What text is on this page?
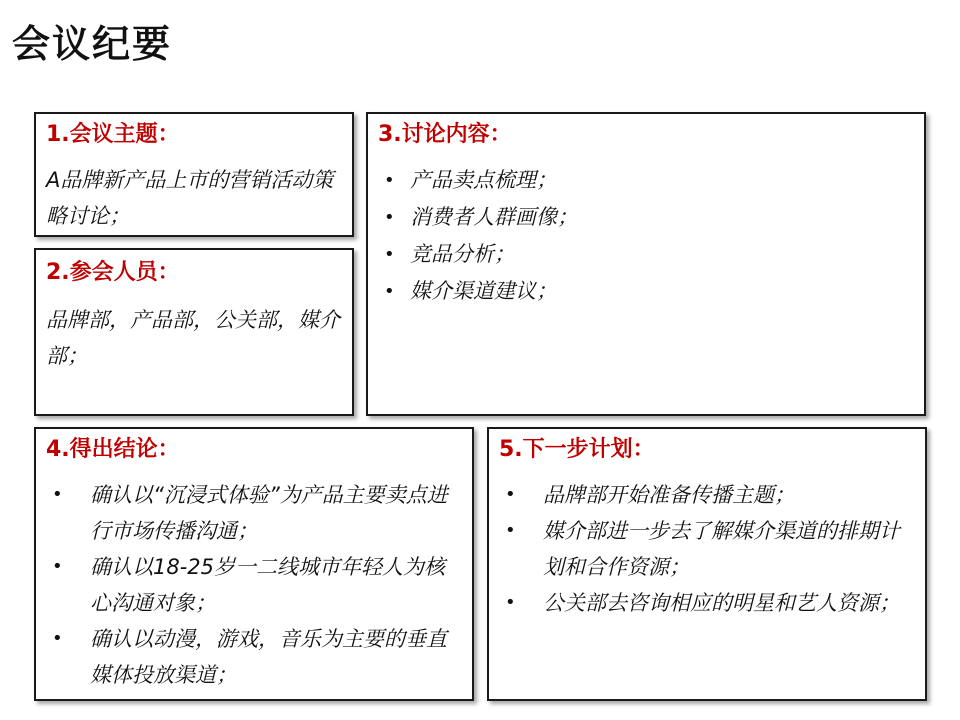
会议纪要

1.会议主题：

A品牌新产品上市的营销活动策略讨论；

2.参会人员：

品牌部，产品部，公关部，媒介部；

3.讨论内容：

• 产品卖点梳理；
• 消费者人群画像；
• 竞品分析；
• 媒介渠道建议；

4.得出结论：

• 确认以“沉浸式体验”为产品主要卖点进行市场传播沟通；
• 确认以18-25岁一二线城市年轻人为核心沟通对象；
• 确认以动漫，游戏，音乐为主要的垂直媒体投放渠道；

5.下一步计划：

• 品牌部开始准备传播主题；
• 媒介部进一步去了解媒介渠道的排期计划和合作资源；
• 公关部去咨询相应的明星和艺人资源；
